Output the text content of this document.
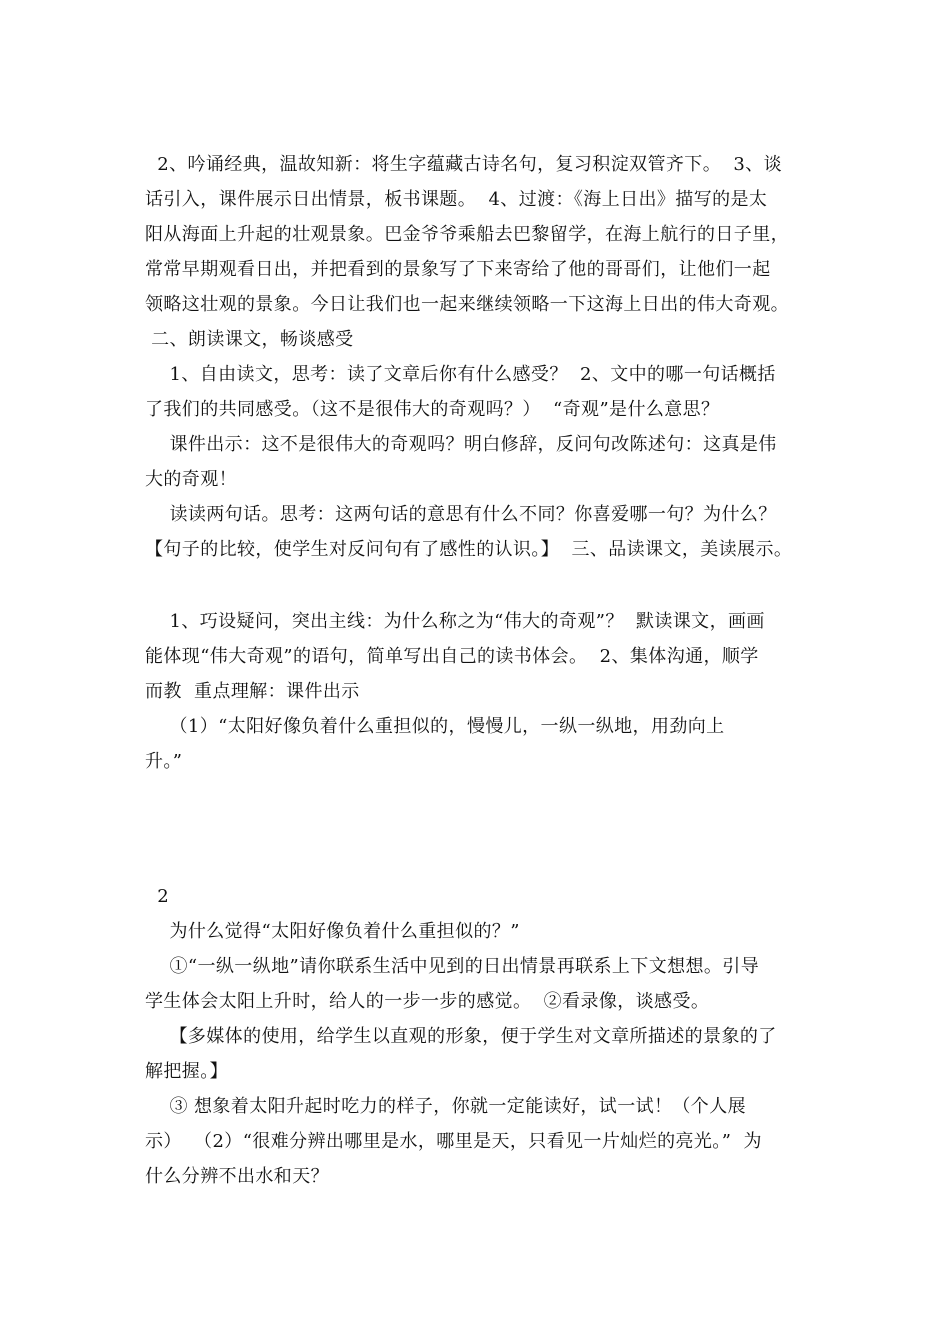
2、吟诵经典，温故知新：将生字蕴藏古诗名句，复习积淀双管齐下。  3、谈
话引入，课件展示日出情景，板书课题。  4、过渡：《海上日出》描写的是太
阳从海面上升起的壮观景象。巴金爷爷乘船去巴黎留学，在海上航行的日子里，
常常早期观看日出，并把看到的景象写了下来寄给了他的哥哥们，让他们一起
领略这壮观的景象。今日让我们也一起来继续领略一下这海上日出的伟大奇观。
二、朗读课文，畅谈感受
1、自由读文，思考：读了文章后你有什么感受？  2、文中的哪一句话概括
了我们的共同感受。（这不是很伟大的奇观吗？）  “奇观”是什么意思？
课件出示：这不是很伟大的奇观吗？明白修辞，反问句改陈述句：这真是伟
大的奇观！
读读两句话。思考：这两句话的意思有什么不同？你喜爱哪一句？为什么？
【句子的比较，使学生对反问句有了感性的认识。】  三、品读课文，美读展示。
1、巧设疑问，突出主线：为什么称之为“伟大的奇观”？  默读课文，画画
能体现“伟大奇观”的语句，简单写出自己的读书体会。  2、集体沟通，顺学
而教  重点理解：课件出示
（1）“太阳好像负着什么重担似的，慢慢儿，一纵一纵地，用劲向上
升。”
2
为什么觉得“太阳好像负着什么重担似的？”
①“一纵一纵地”请你联系生活中见到的日出情景再联系上下文想想。引导
学生体会太阳上升时，给人的一步一步的感觉。  ②看录像，谈感受。
【多媒体的使用，给学生以直观的形象，便于学生对文章所描述的景象的了
解把握。】
③ 想象着太阳升起时吃力的样子，你就一定能读好，试一试！（个人展
示）  （2）“很难分辨出哪里是水，哪里是天，只看见一片灿烂的亮光。”  为
什么分辨不出水和天？
